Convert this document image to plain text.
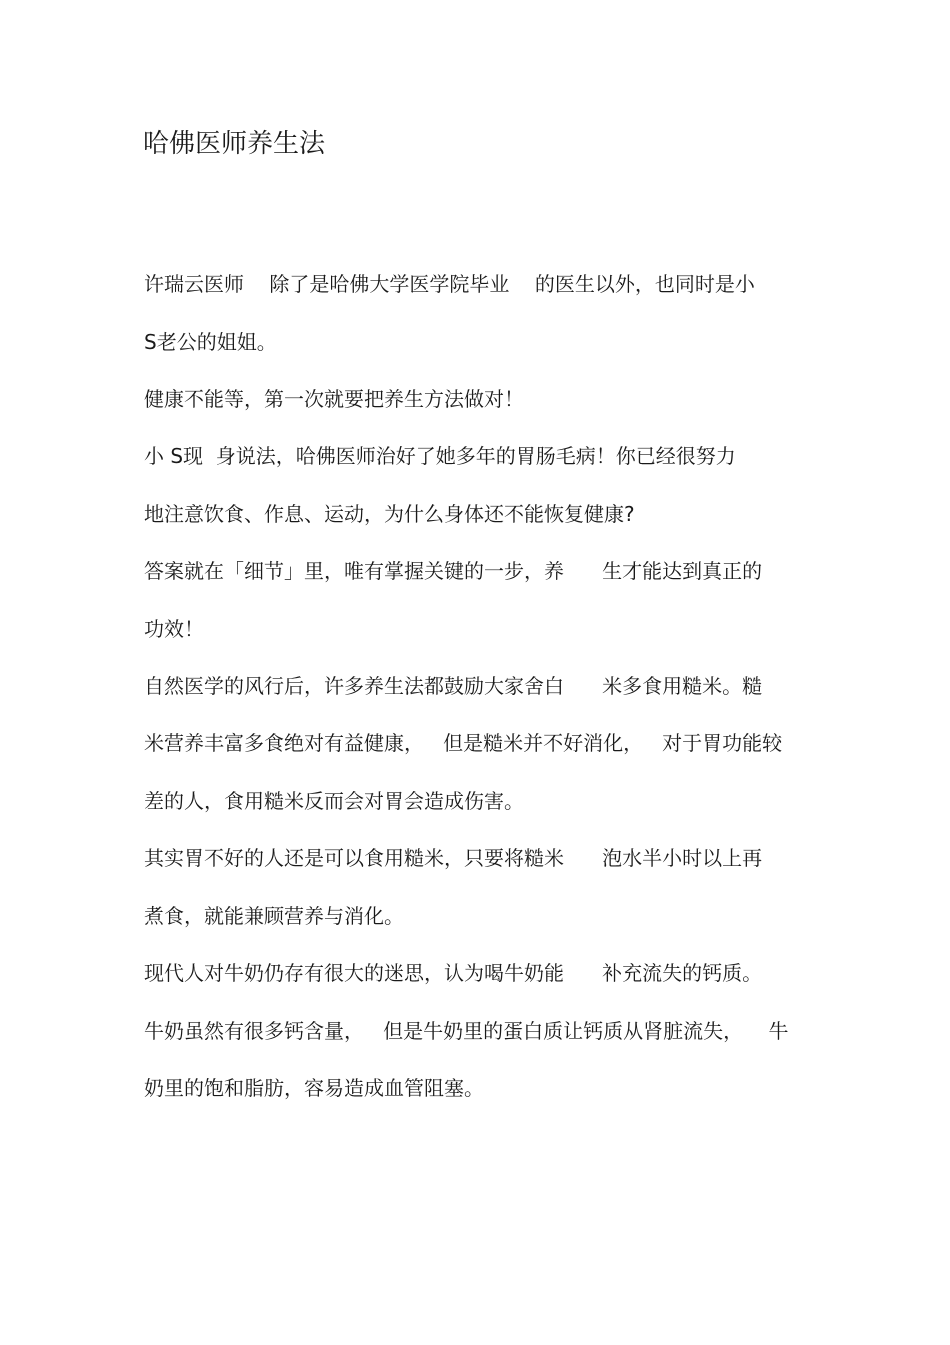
哈佛医师养生法

许瑞云医师    除了是哈佛大学医学院毕业    的医生以外，也同时是小

S老公的姐姐。

健康不能等，第一次就要把养生方法做对！

小 S现  身说法，哈佛医师治好了她多年的胃肠毛病！你已经很努力

地注意饮食、作息、运动，为什么身体还不能恢复健康?

答案就在「细节」里，唯有掌握关键的一步，养      生才能达到真正的

功效！

自然医学的风行后，许多养生法都鼓励大家舍白      米多食用糙米。糙

米营养丰富多食绝对有益健康，   但是糙米并不好消化，   对于胃功能较

差的人，食用糙米反而会对胃会造成伤害。

其实胃不好的人还是可以食用糙米，只要将糙米      泡水半小时以上再

煮食，就能兼顾营养与消化。

现代人对牛奶仍存有很大的迷思，认为喝牛奶能      补充流失的钙质。

牛奶虽然有很多钙含量，   但是牛奶里的蛋白质让钙质从肾脏流失，    牛

奶里的饱和脂肪，容易造成血管阻塞。
